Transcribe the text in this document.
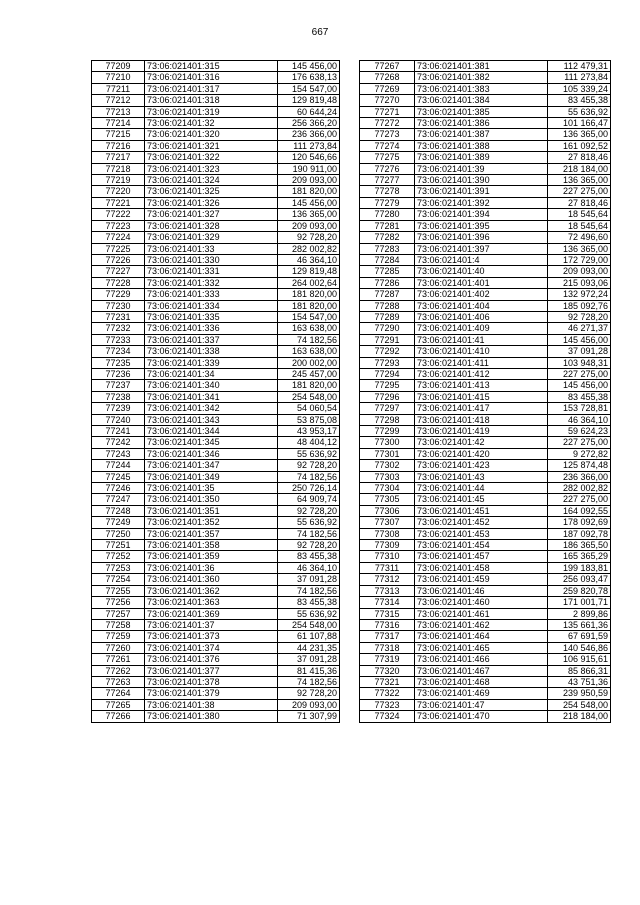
667
77209	73:06:021401:315	145 456,00
77210	73:06:021401:316	176 638,13
77211	73:06:021401:317	154 547,00
77212	73:06:021401:318	129 819,48
77213	73:06:021401:319	60 644,24
77214	73:06:021401:32	256 366,20
77215	73:06:021401:320	236 366,00
77216	73:06:021401:321	111 273,84
77217	73:06:021401:322	120 546,66
77218	73:06:021401:323	190 911,00
77219	73:06:021401:324	209 093,00
77220	73:06:021401:325	181 820,00
77221	73:06:021401:326	145 456,00
77222	73:06:021401:327	136 365,00
77223	73:06:021401:328	209 093,00
77224	73:06:021401:329	92 728,20
77225	73:06:021401:33	282 002,82
77226	73:06:021401:330	46 364,10
77227	73:06:021401:331	129 819,48
77228	73:06:021401:332	264 002,64
77229	73:06:021401:333	181 820,00
77230	73:06:021401:334	181 820,00
77231	73:06:021401:335	154 547,00
77232	73:06:021401:336	163 638,00
77233	73:06:021401:337	74 182,56
77234	73:06:021401:338	163 638,00
77235	73:06:021401:339	200 002,00
77236	73:06:021401:34	245 457,00
77237	73:06:021401:340	181 820,00
77238	73:06:021401:341	254 548,00
77239	73:06:021401:342	54 060,54
77240	73:06:021401:343	53 875,08
77241	73:06:021401:344	43 953,17
77242	73:06:021401:345	48 404,12
77243	73:06:021401:346	55 636,92
77244	73:06:021401:347	92 728,20
77245	73:06:021401:349	74 182,56
77246	73:06:021401:35	250 726,14
77247	73:06:021401:350	64 909,74
77248	73:06:021401:351	92 728,20
77249	73:06:021401:352	55 636,92
77250	73:06:021401:357	74 182,56
77251	73:06:021401:358	92 728,20
77252	73:06:021401:359	83 455,38
77253	73:06:021401:36	46 364,10
77254	73:06:021401:360	37 091,28
77255	73:06:021401:362	74 182,56
77256	73:06:021401:363	83 455,38
77257	73:06:021401:369	55 636,92
77258	73:06:021401:37	254 548,00
77259	73:06:021401:373	61 107,88
77260	73:06:021401:374	44 231,35
77261	73:06:021401:376	37 091,28
77262	73:06:021401:377	81 415,36
77263	73:06:021401:378	74 182,56
77264	73:06:021401:379	92 728,20
77265	73:06:021401:38	209 093,00
77266	73:06:021401:380	71 307,99
77267	73:06:021401:381	112 479,31
77268	73:06:021401:382	111 273,84
77269	73:06:021401:383	105 339,24
77270	73:06:021401:384	83 455,38
77271	73:06:021401:385	55 636,92
77272	73:06:021401:386	101 166,47
77273	73:06:021401:387	136 365,00
77274	73:06:021401:388	161 092,52
77275	73:06:021401:389	27 818,46
77276	73:06:021401:39	218 184,00
77277	73:06:021401:390	136 365,00
77278	73:06:021401:391	227 275,00
77279	73:06:021401:392	27 818,46
77280	73:06:021401:394	18 545,64
77281	73:06:021401:395	18 545,64
77282	73:06:021401:396	72 496,60
77283	73:06:021401:397	136 365,00
77284	73:06:021401:4	172 729,00
77285	73:06:021401:40	209 093,00
77286	73:06:021401:401	215 093,06
77287	73:06:021401:402	132 972,24
77288	73:06:021401:404	185 092,76
77289	73:06:021401:406	92 728,20
77290	73:06:021401:409	46 271,37
77291	73:06:021401:41	145 456,00
77292	73:06:021401:410	37 091,28
77293	73:06:021401:411	103 948,31
77294	73:06:021401:412	227 275,00
77295	73:06:021401:413	145 456,00
77296	73:06:021401:415	83 455,38
77297	73:06:021401:417	153 728,81
77298	73:06:021401:418	46 364,10
77299	73:06:021401:419	59 624,23
77300	73:06:021401:42	227 275,00
77301	73:06:021401:420	9 272,82
77302	73:06:021401:423	125 874,48
77303	73:06:021401:43	236 366,00
77304	73:06:021401:44	282 002,82
77305	73:06:021401:45	227 275,00
77306	73:06:021401:451	164 092,55
77307	73:06:021401:452	178 092,69
77308	73:06:021401:453	187 092,78
77309	73:06:021401:454	186 365,50
77310	73:06:021401:457	165 365,29
77311	73:06:021401:458	199 183,81
77312	73:06:021401:459	256 093,47
77313	73:06:021401:46	259 820,78
77314	73:06:021401:460	171 001,71
77315	73:06:021401:461	2 899,86
77316	73:06:021401:462	135 661,36
77317	73:06:021401:464	67 691,59
77318	73:06:021401:465	140 546,86
77319	73:06:021401:466	106 915,61
77320	73:06:021401:467	85 866,31
77321	73:06:021401:468	43 751,36
77322	73:06:021401:469	239 950,59
77323	73:06:021401:47	254 548,00
77324	73:06:021401:470	218 184,00
